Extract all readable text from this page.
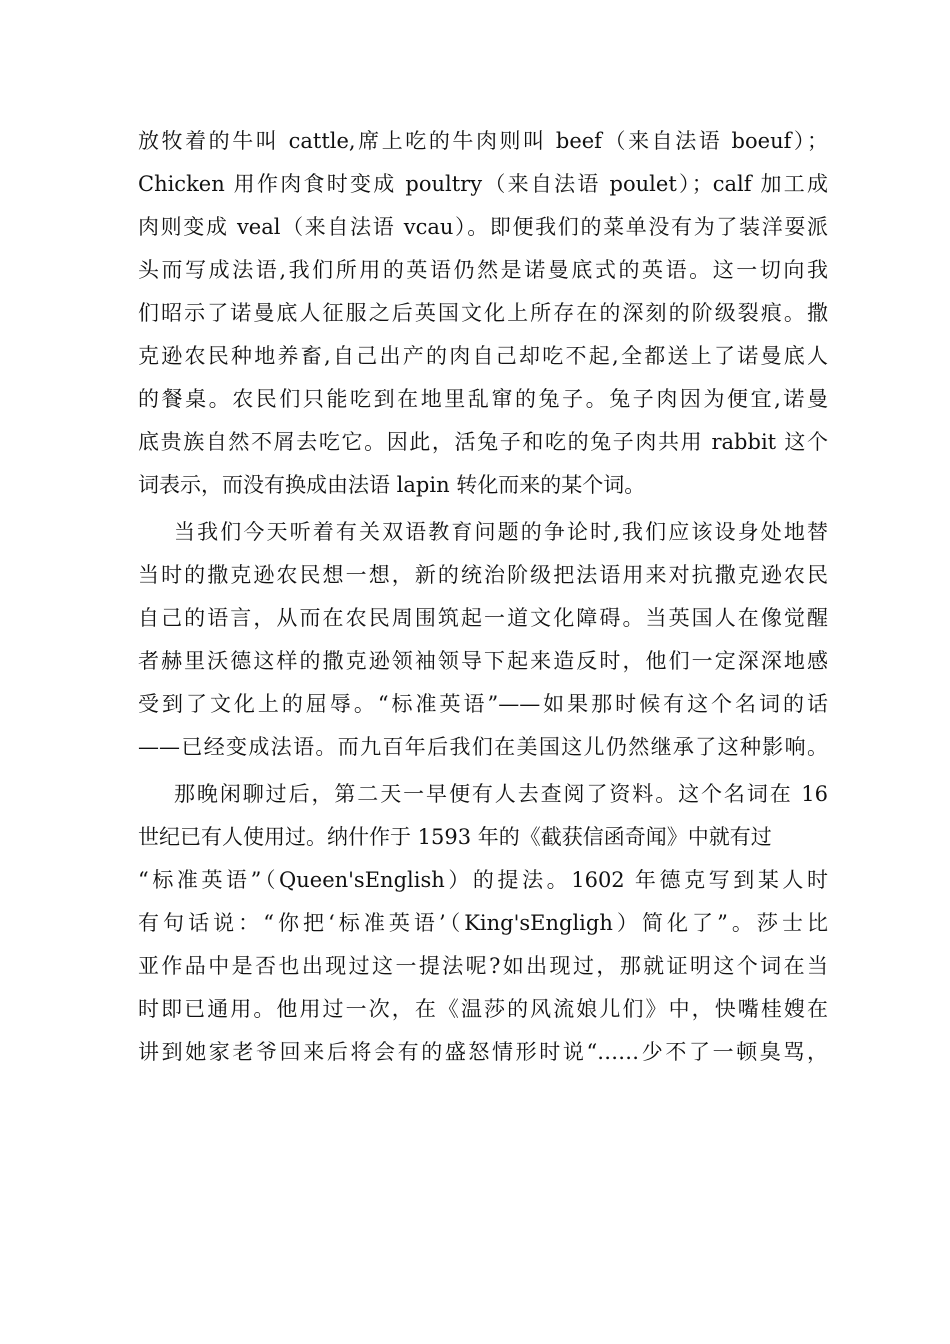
放牧着的牛叫 cattle,席上吃的牛肉则叫 beef（来自法语 boeuf）；
Chicken 用作肉食时变成 poultry（来自法语 poulet）；calf 加工成
肉则变成 veal（来自法语 vcau）。即便我们的菜单没有为了装洋耍派
头而写成法语,我们所用的英语仍然是诺曼底式的英语。这一切向我
们昭示了诺曼底人征服之后英国文化上所存在的深刻的阶级裂痕。撒
克逊农民种地养畜,自己出产的肉自己却吃不起,全都送上了诺曼底人
的餐桌。农民们只能吃到在地里乱窜的兔子。兔子肉因为便宜,诺曼
底贵族自然不屑去吃它。因此，活兔子和吃的兔子肉共用 rabbit 这个
词表示，而没有换成由法语 lapin 转化而来的某个词。
当我们今天听着有关双语教育问题的争论时,我们应该设身处地替
当时的撒克逊农民想一想，新的统治阶级把法语用来对抗撒克逊农民
自己的语言，从而在农民周围筑起一道文化障碍。当英国人在像觉醒
者赫里沃德这样的撒克逊领袖领导下起来造反时，他们一定深深地感
受到了文化上的屈辱。“标准英语”——如果那时候有这个名词的话
——已经变成法语。而九百年后我们在美国这儿仍然继承了这种影响。
那晚闲聊过后，第二天一早便有人去查阅了资料。这个名词在 16
世纪已有人使用过。纳什作于 1593 年的《截获信函奇闻》中就有过
“标准英语”（Queen'sEnglish）的提法。1602 年德克写到某人时
有句话说：“你把‘标准英语’（King'sEngligh）简化了”。莎士比
亚作品中是否也出现过这一提法呢?如出现过，那就证明这个词在当
时即已通用。他用过一次，在《温莎的风流娘儿们》中，快嘴桂嫂在
讲到她家老爷回来后将会有的盛怒情形时说“……少不了一顿臭骂，
